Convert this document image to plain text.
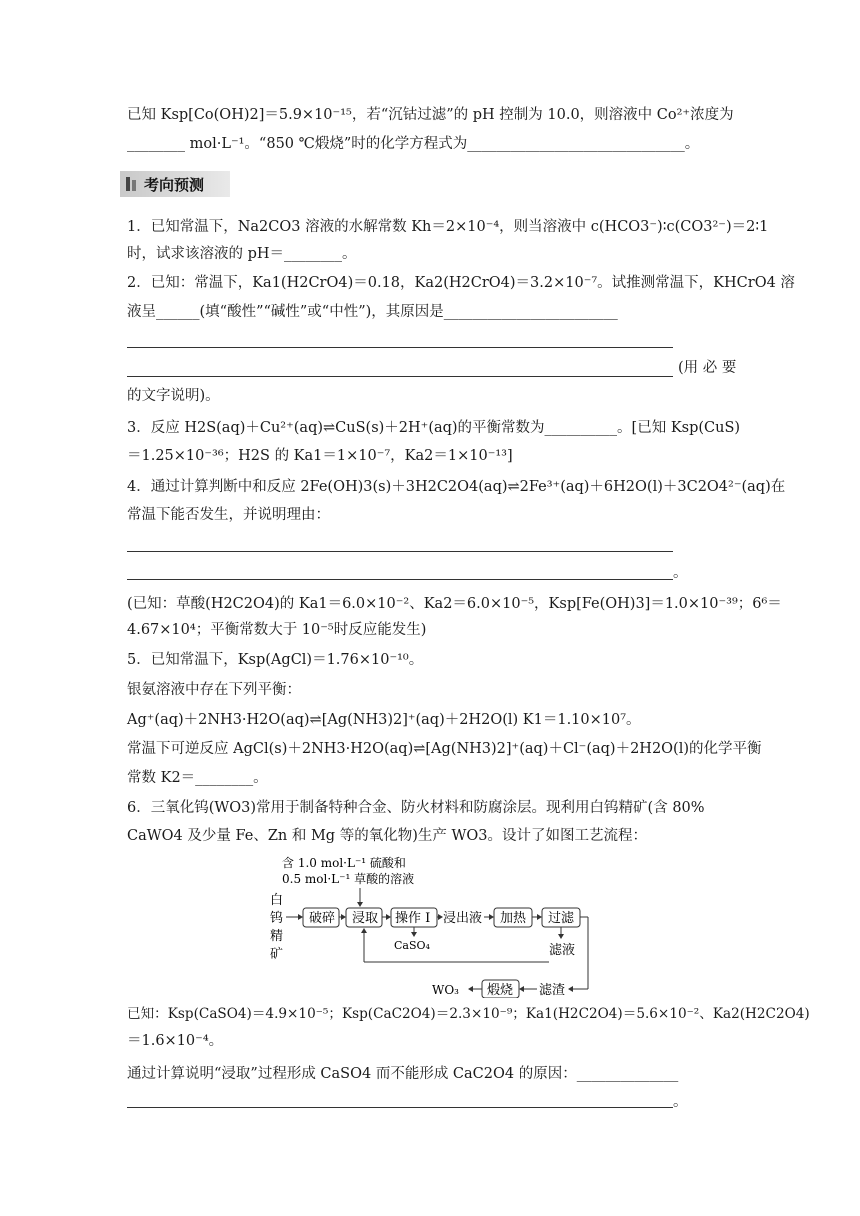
已知 Ksp[Co(OH)2]＝5.9×10⁻¹⁵，若“沉钴过滤”的 pH 控制为 10.0，则溶液中 Co²⁺浓度为
________ mol·L⁻¹。“850 ℃煅烧”时的化学方程式为______________________________。
考向预测
1．已知常温下，Na2CO3 溶液的水解常数 Kh＝2×10⁻⁴，则当溶液中 c(HCO3⁻)∶c(CO3²⁻)＝2∶1
时，试求该溶液的 pH＝________。
2．已知：常温下，Ka1(H2CrO4)＝0.18，Ka2(H2CrO4)＝3.2×10⁻⁷。试推测常温下，KHCrO4 溶
液呈______(填“酸性”“碱性”或“中性”)，其原因是________________________
(用 必 要
的文字说明)。
3．反应 H2S(aq)＋Cu²⁺(aq)⇌CuS(s)＋2H⁺(aq)的平衡常数为__________。[已知 Ksp(CuS)
＝1.25×10⁻³⁶；H2S 的 Ka1＝1×10⁻⁷，Ka2＝1×10⁻¹³]
4．通过计算判断中和反应 2Fe(OH)3(s)＋3H2C2O4(aq)⇌2Fe³⁺(aq)＋6H2O(l)＋3C2O4²⁻(aq)在
常温下能否发生，并说明理由：
。
(已知：草酸(H2C2O4)的 Ka1＝6.0×10⁻²、Ka2＝6.0×10⁻⁵，Ksp[Fe(OH)3]＝1.0×10⁻³⁹；6⁶＝
4.67×10⁴；平衡常数大于 10⁻⁵时反应能发生)
5．已知常温下，Ksp(AgCl)＝1.76×10⁻¹⁰。
银氨溶液中存在下列平衡：
Ag⁺(aq)＋2NH3·H2O(aq)⇌[Ag(NH3)2]⁺(aq)＋2H2O(l) K1＝1.10×10⁷。
常温下可逆反应 AgCl(s)＋2NH3·H2O(aq)⇌[Ag(NH3)2]⁺(aq)＋Cl⁻(aq)＋2H2O(l)的化学平衡
常数 K2＝________。
6．三氧化钨(WO3)常用于制备特种合金、防火材料和防腐涂层。现利用白钨精矿(含 80%
CaWO4 及少量 Fe、Zn 和 Mg 等的氧化物)生产 WO3。设计了如图工艺流程：
含 1.0 mol·L⁻¹ 硫酸和
0.5 mol·L⁻¹ 草酸的溶液
白
钨
精
矿
破碎 浸取 操作 I
CaSO₄
浸出液 加热 过滤
滤液
滤渣
煅烧
WO₃
已知：Ksp(CaSO4)＝4.9×10⁻⁵；Ksp(CaC2O4)＝2.3×10⁻⁹；Ka1(H2C2O4)＝5.6×10⁻²、Ka2(H2C2O4)
＝1.6×10⁻⁴。
通过计算说明“浸取”过程形成 CaSO4 而不能形成 CaC2O4 的原因：______________
。
